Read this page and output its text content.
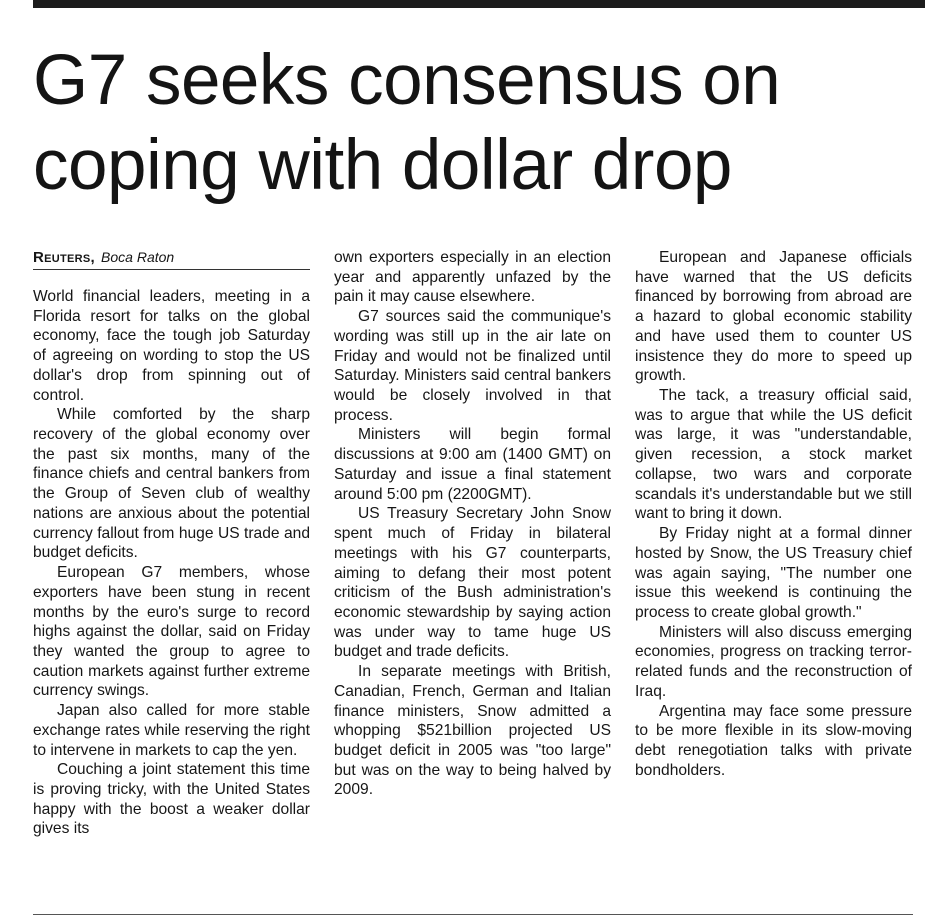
G7 seeks consensus on coping with dollar drop
Reuters, Boca Raton

World financial leaders, meeting in a Florida resort for talks on the global economy, face the tough job Saturday of agreeing on wording to stop the US dollar's drop from spinning out of control.

While comforted by the sharp recovery of the global economy over the past six months, many of the finance chiefs and central bankers from the Group of Seven club of wealthy nations are anxious about the potential currency fallout from huge US trade and budget deficits.

European G7 members, whose exporters have been stung in recent months by the euro's surge to record highs against the dollar, said on Friday they wanted the group to agree to caution markets against further extreme currency swings.

Japan also called for more stable exchange rates while reserving the right to intervene in markets to cap the yen.

Couching a joint statement this time is proving tricky, with the United States happy with the boost a weaker dollar gives its

own exporters especially in an election year and apparently unfazed by the pain it may cause elsewhere.

G7 sources said the communique's wording was still up in the air late on Friday and would not be finalized until Saturday. Ministers said central bankers would be closely involved in that process.

Ministers will begin formal discussions at 9:00 am (1400 GMT) on Saturday and issue a final statement around 5:00 pm (2200GMT).

US Treasury Secretary John Snow spent much of Friday in bilateral meetings with his G7 counterparts, aiming to defang their most potent criticism of the Bush administration's economic stewardship by saying action was under way to tame huge US budget and trade deficits.

In separate meetings with British, Canadian, French, German and Italian finance ministers, Snow admitted a whopping $521billion projected US budget deficit in 2005 was "too large" but was on the way to being halved by 2009.

European and Japanese officials have warned that the US deficits financed by borrowing from abroad are a hazard to global economic stability and have used them to counter US insistence they do more to speed up growth.

The tack, a treasury official said, was to argue that while the US deficit was large, it was "understandable, given recession, a stock market collapse, two wars and corporate scandals it's understandable but we still want to bring it down.

By Friday night at a formal dinner hosted by Snow, the US Treasury chief was again saying, "The number one issue this weekend is continuing the process to create global growth."

Ministers will also discuss emerging economies, progress on tracking terror-related funds and the reconstruction of Iraq.

Argentina may face some pressure to be more flexible in its slow-moving debt renegotiation talks with private bondholders.
